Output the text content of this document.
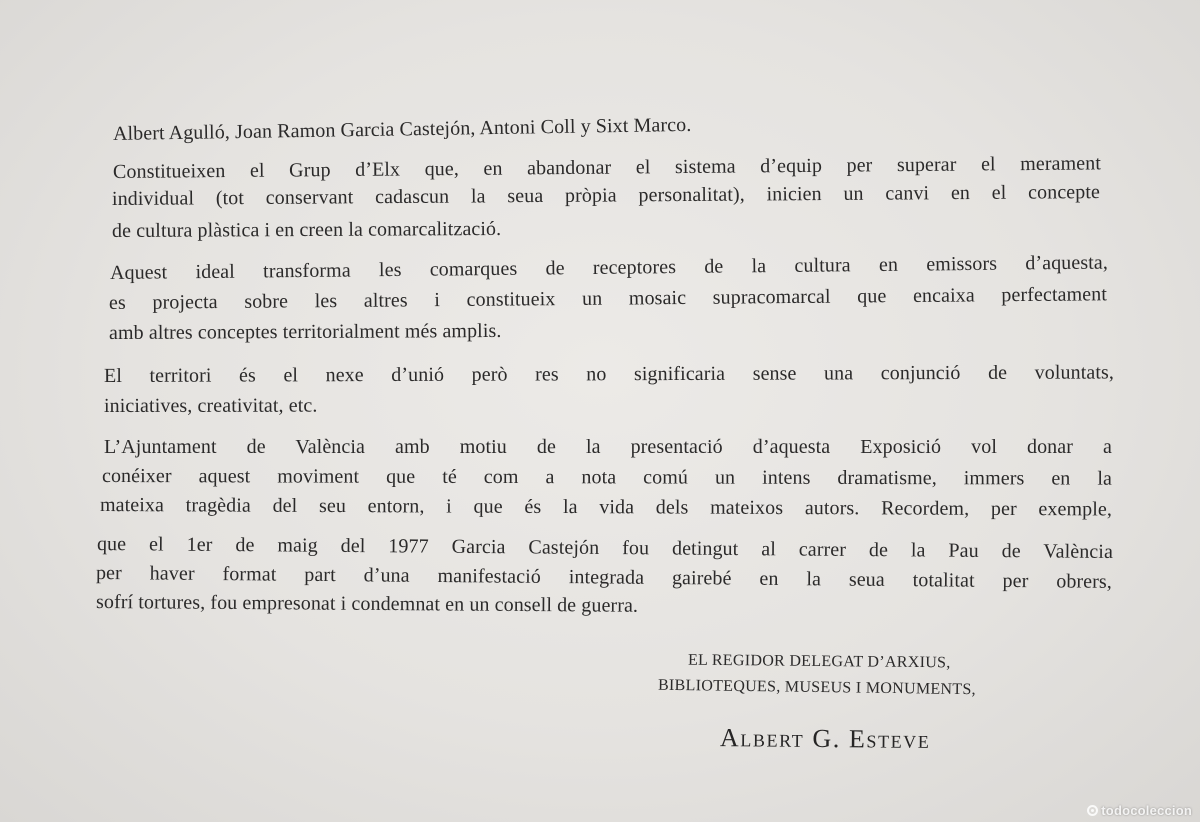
Albert Agulló, Joan Ramon Garcia Castejón, Antoni Coll y Sixt Marco.
Constitueixen el Grup d’Elx que, en abandonar el sistema d’equip per superar el merament
individual (tot conservant cadascun la seua pròpia personalitat), inicien un canvi en el concepte
de cultura plàstica i en creen la comarcalització.
Aquest ideal transforma les comarques de receptores de la cultura en emissors d’aquesta,
es projecta sobre les altres i constitueix un mosaic supracomarcal que encaixa perfectament
amb altres conceptes territorialment més amplis.
El territori és el nexe d’unió però res no significaria sense una conjunció de voluntats,
iniciatives, creativitat, etc.
L’Ajuntament de València amb motiu de la presentació d’aquesta Exposició vol donar a
conéixer aquest moviment que té com a nota comú un intens dramatisme, immers en la
mateixa tragèdia del seu entorn, i que és la vida dels mateixos autors. Recordem, per exemple,
que el 1er de maig del 1977 Garcia Castejón fou detingut al carrer de la Pau de València
per haver format part d’una manifestació integrada gairebé en la seua totalitat per obrers,
sofrí tortures, fou empresonat i condemnat en un consell de guerra.
EL REGIDOR DELEGAT D’ARXIUS,
BIBLIOTEQUES, MUSEUS I MONUMENTS,
Albert G. Esteve
todocoleccion
